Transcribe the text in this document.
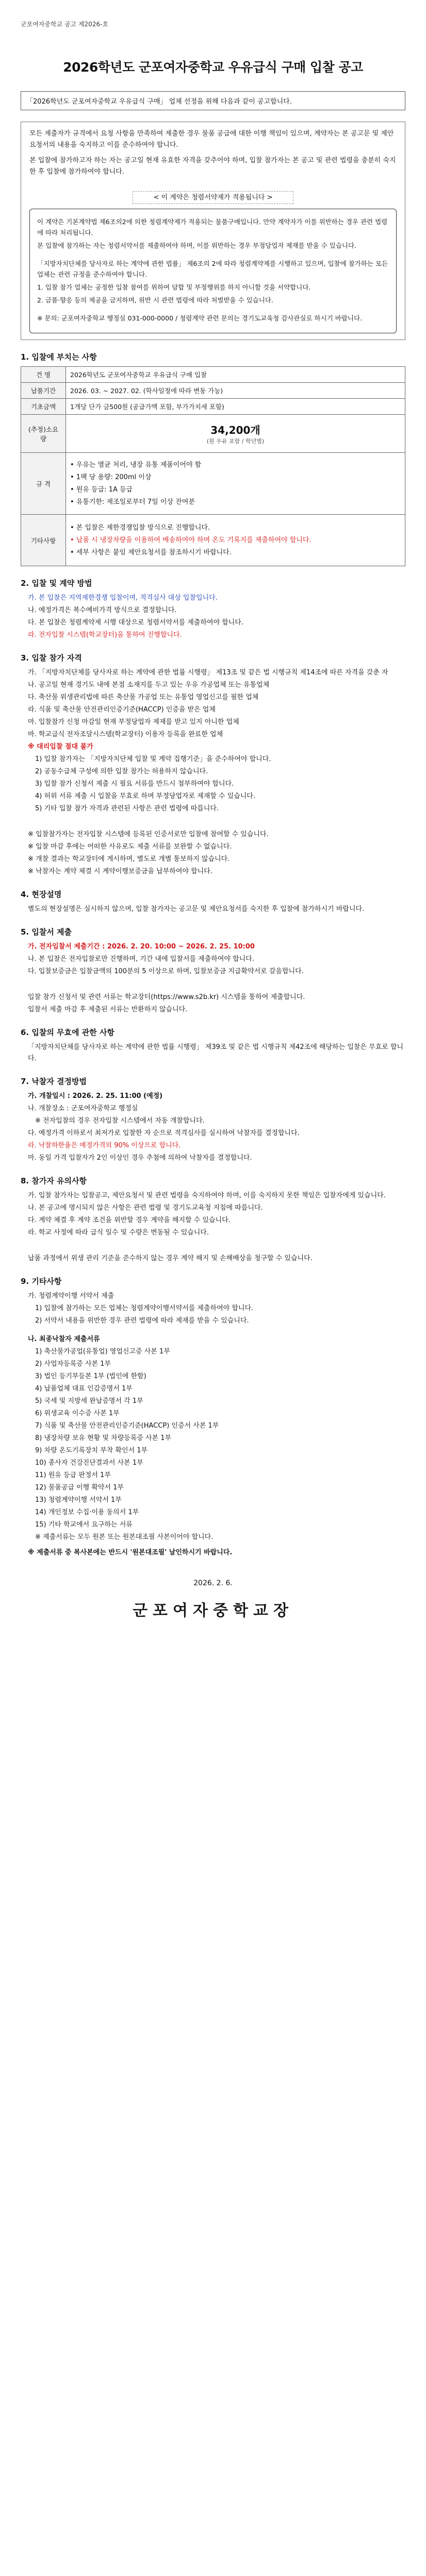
군포여자중학교 공고 제2026-호
2026학년도 군포여자중학교 우유급식 구매 입찰 공고
「2026학년도 군포여자중학교 우유급식 구매」 업체 선정을 위해 다음과 같이 공고합니다.

모든 제출자가 규격에서 요청 사항을 만족하여 제출한 경우 물품 공급에 대한 이행 책임이 있으며, 계약자는 본 공고문 및 제안요청서의 내용을 숙지하고 이를 준수하여야 합니다.

본 입찰에 참가하고자 하는 자는 공고일 현재 유효한 자격을 갖추어야 하며, 입찰 참가자는 본 공고 및 관련 법령을 충분히 숙지한 후 입찰에 참가하여야 합니다.

< 이 계약은 청렴서약제가 적용됩니다 >

이 계약은 기본계약법 제6조의2에 의한 청렴계약제가 적용되는 물품구매입니다. 만약 계약자가 이를 위반하는 경우 관련 법령에 따라 처리됩니다.

본 입찰에 참가하는 자는 청렴서약서를 제출하여야 하며, 이를 위반하는 경우 부정당업자 제재를 받을 수 있습니다.

「지방자치단체를 당사자로 하는 계약에 관한 법률」 제6조의 2에 따라 청렴계약제를 시행하고 있으며, 입찰에 참가하는 모든 업체는 관련 규정을 준수하여야 합니다.

1. 입찰 참가 업체는 공정한 입찰 참여를 위하여 담합 및 부정행위를 하지 아니할 것을 서약합니다.

2. 금품·향응 등의 제공을 금지하며, 위반 시 관련 법령에 따라 처벌받을 수 있습니다.

※ 문의: 군포여자중학교 행정실 031-000-0000 / 청렴계약 관련 문의는 경기도교육청 감사관실로 하시기 바랍니다.

1. 입찰에 부치는 사항
건 명	2026학년도 군포여자중학교 우유급식 구매 입찰
납품기간	2026. 03. ~ 2027. 02. (학사일정에 따라 변동 가능)
기초금액	1개당 단가 금500원 (공급가액 포함, 부가가치세 포함)
(추정)소요량	34,200개
(흰 우유 포함 / 학년별)

규 격	• 우유는 멸균 처리, 냉장 유통 제품이어야 함
• 1팩 당 용량: 200ml 이상
• 원유 등급: 1A 등급
• 유통기한: 제조일로부터 7일 이상 잔여분

기타사항	• 본 입찰은 제한경쟁입찰 방식으로 진행합니다.
• 납품 시 냉장차량을 이용하여 배송하여야 하며 온도 기록지를 제출하여야 합니다.
• 세부 사항은 붙임 제안요청서를 참조하시기 바랍니다.
2. 입찰 및 계약 방법
가. 본 입찰은 지역제한경쟁 입찰이며, 적격심사 대상 입찰입니다.
나. 예정가격은 복수예비가격 방식으로 결정합니다.
다. 본 입찰은 청렴계약제 시행 대상으로 청렴서약서를 제출하여야 합니다.
라. 전자입찰 시스템(학교장터)을 통하여 진행합니다.
3. 입찰 참가 자격
가. 「지방자치단체를 당사자로 하는 계약에 관한 법률 시행령」 제13조 및 같은 법 시행규칙 제14조에 따른 자격을 갖춘 자
나. 공고일 현재 경기도 내에 본점 소재지를 두고 있는 우유 가공업체 또는 유통업체
다. 축산물 위생관리법에 따른 축산물 가공업 또는 유통업 영업신고를 필한 업체
라. 식품 및 축산물 안전관리인증기준(HACCP) 인증을 받은 업체
마. 입찰참가 신청 마감일 현재 부정당업자 제재를 받고 있지 아니한 업체
바. 학교급식 전자조달시스템(학교장터) 이용자 등록을 완료한 업체
※ 대리입찰 절대 불가
1) 입찰 참가자는 「지방자치단체 입찰 및 계약 집행기준」을 준수하여야 합니다.
2) 공동수급체 구성에 의한 입찰 참가는 허용하지 않습니다.
3) 입찰 참가 신청서 제출 시 필요 서류를 반드시 첨부하여야 합니다.
4) 허위 서류 제출 시 입찰을 무효로 하며 부정당업자로 제재할 수 있습니다.
5) 기타 입찰 참가 자격과 관련된 사항은 관련 법령에 따릅니다.
※ 입찰참가자는 전자입찰 시스템에 등록된 인증서로만 입찰에 참여할 수 있습니다.
※ 입찰 마감 후에는 어떠한 사유로도 제출 서류를 보완할 수 없습니다.
※ 개찰 결과는 학교장터에 게시하며, 별도로 개별 통보하지 않습니다.
※ 낙찰자는 계약 체결 시 계약이행보증금을 납부하여야 합니다.
4. 현장설명
별도의 현장설명은 실시하지 않으며, 입찰 참가자는 공고문 및 제안요청서를 숙지한 후 입찰에 참가하시기 바랍니다.
5. 입찰서 제출
가. 전자입찰서 제출기간 : 2026. 2. 20. 10:00 ~ 2026. 2. 25. 10:00
나. 본 입찰은 전자입찰로만 진행하며, 기간 내에 입찰서를 제출하여야 합니다.
다. 입찰보증금은 입찰금액의 100분의 5 이상으로 하며, 입찰보증금 지급확약서로 갈음합니다.
입찰 참가 신청서 및 관련 서류는 학교장터(https://www.s2b.kr) 시스템을 통하여 제출합니다.
입찰서 제출 마감 후 제출된 서류는 반환하지 않습니다.
6. 입찰의 무효에 관한 사항
「지방자치단체를 당사자로 하는 계약에 관한 법률 시행령」 제39조 및 같은 법 시행규칙 제42조에 해당하는 입찰은 무효로 합니다.
7. 낙찰자 결정방법
가. 개찰일시 : 2026. 2. 25. 11:00 (예정)
나. 개찰장소 : 군포여자중학교 행정실
※ 전자입찰의 경우 전자입찰 시스템에서 자동 개찰합니다.
다. 예정가격 이하로서 최저가로 입찰한 자 순으로 적격심사를 실시하여 낙찰자를 결정합니다.
라. 낙찰하한율은 예정가격의 90% 이상으로 합니다.
마. 동일 가격 입찰자가 2인 이상인 경우 추첨에 의하여 낙찰자를 결정합니다.
8. 참가자 유의사항
가. 입찰 참가자는 입찰공고, 제안요청서 및 관련 법령을 숙지하여야 하며, 이를 숙지하지 못한 책임은 입찰자에게 있습니다.
나. 본 공고에 명시되지 않은 사항은 관련 법령 및 경기도교육청 지침에 따릅니다.
다. 계약 체결 후 계약 조건을 위반할 경우 계약을 해지할 수 있습니다.
라. 학교 사정에 따라 급식 일수 및 수량은 변동될 수 있습니다.
납품 과정에서 위생 관리 기준을 준수하지 않는 경우 계약 해지 및 손해배상을 청구할 수 있습니다.
9. 기타사항
가. 청렴계약이행 서약서 제출
1) 입찰에 참가하는 모든 업체는 청렴계약이행서약서를 제출하여야 합니다.
2) 서약서 내용을 위반한 경우 관련 법령에 따라 제재를 받을 수 있습니다.
나. 최종낙찰자 제출서류
1) 축산물가공업(유통업) 영업신고증 사본 1부
2) 사업자등록증 사본 1부
3) 법인 등기부등본 1부 (법인에 한함)
4) 납품업체 대표 인감증명서 1부
5) 국세 및 지방세 완납증명서 각 1부
6) 위생교육 이수증 사본 1부
7) 식품 및 축산물 안전관리인증기준(HACCP) 인증서 사본 1부
8) 냉장차량 보유 현황 및 차량등록증 사본 1부
9) 차량 온도기록장치 부착 확인서 1부
10) 종사자 건강진단결과서 사본 1부
11) 원유 등급 판정서 1부
12) 물품공급 이행 확약서 1부
13) 청렴계약이행 서약서 1부
14) 개인정보 수집·이용 동의서 1부
15) 기타 학교에서 요구하는 서류
※ 제출서류는 모두 원본 또는 원본대조필 사본이어야 합니다.
※ 제출서류 중 복사본에는 반드시 '원본대조필' 날인하시기 바랍니다.
2026. 2. 6.
군포여자중학교장
